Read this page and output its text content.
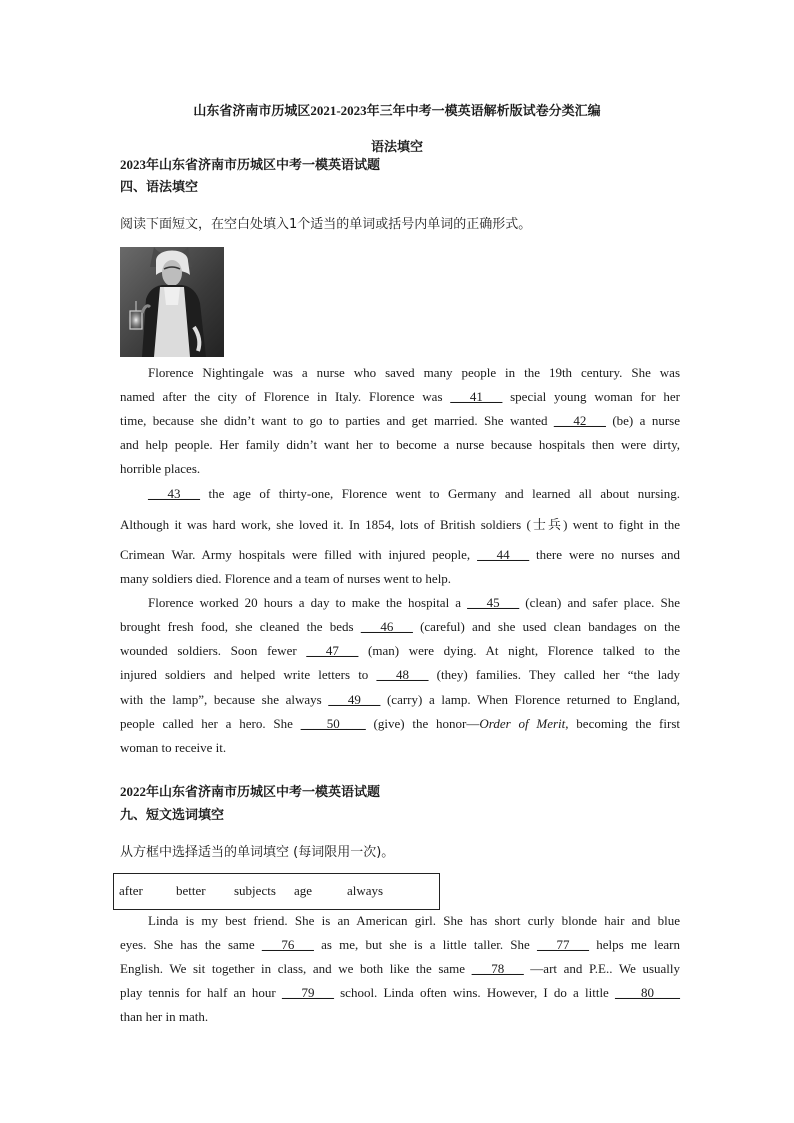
山东省济南市历城区2021-2023年三年中考一模英语解析版试卷分类汇编
语法填空
2023年山东省济南市历城区中考一模英语试题
四、语法填空
阅读下面短文，在空白处填入1个适当的单词或括号内单词的正确形式。
Florence Nightingale was a nurse who saved many people in the 19th century. She was
named after the city of Florence in Italy. Florence was ___41___ special young woman for her
time, because she didn’t want to go to parties and get married. She wanted ___42___ (be) a nurse
and help people. Her family didn’t want her to become a nurse because hospitals then were dirty,
horrible places.
___43___ the age of thirty-one, Florence went to Germany and learned all about nursing.
Although it was hard work, she loved it. In 1854, lots of British soldiers (士兵) went to fight in the
Crimean War. Army hospitals were filled with injured people, ___44___ there were no nurses and
many soldiers died. Florence and a team of nurses went to help.
Florence worked 20 hours a day to make the hospital a ___45___ (clean) and safer place. She
brought fresh food, she cleaned the beds ___46___ (careful) and she used clean bandages on the
wounded soldiers. Soon fewer ___47___ (man) were dying. At night, Florence talked to the
injured soldiers and helped write letters to ___48___ (they) families. They called her “the lady
with the lamp”, because she always ___49___ (carry) a lamp. When Florence returned to England,
people called her a hero. She ____50____ (give) the honor—Order of Merit, becoming the first
woman to receive it.
2022年山东省济南市历城区中考一模英语试题
九、短文选词填空
从方框中选择适当的单词填空 (每词限用一次)。
after	better subjects age	always
Linda is my best friend. She is an American girl. She has short curly blonde hair and blue
eyes. She has the same ___76___ as me, but she is a little taller. She ___77___ helps me learn
English. We sit together in class, and we both like the same ___78___ —art and P.E.. We usually
play tennis for half an hour ___79___ school. Linda often wins. However, I do a little ____80____
than her in math.
